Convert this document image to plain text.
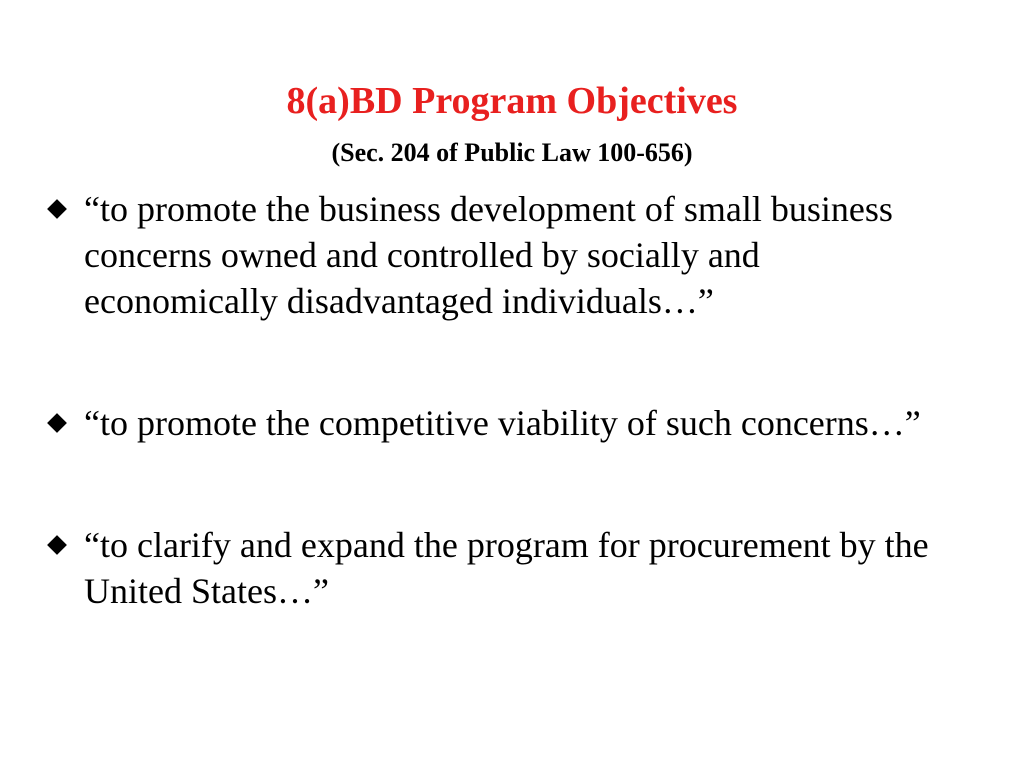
8(a)BD Program Objectives
(Sec. 204 of Public Law 100-656)
“to promote the business development of small business concerns owned and controlled by socially and economically disadvantaged individuals…”
“to promote the competitive viability of such concerns…”
“to clarify and expand the program for procurement by the United States…”
